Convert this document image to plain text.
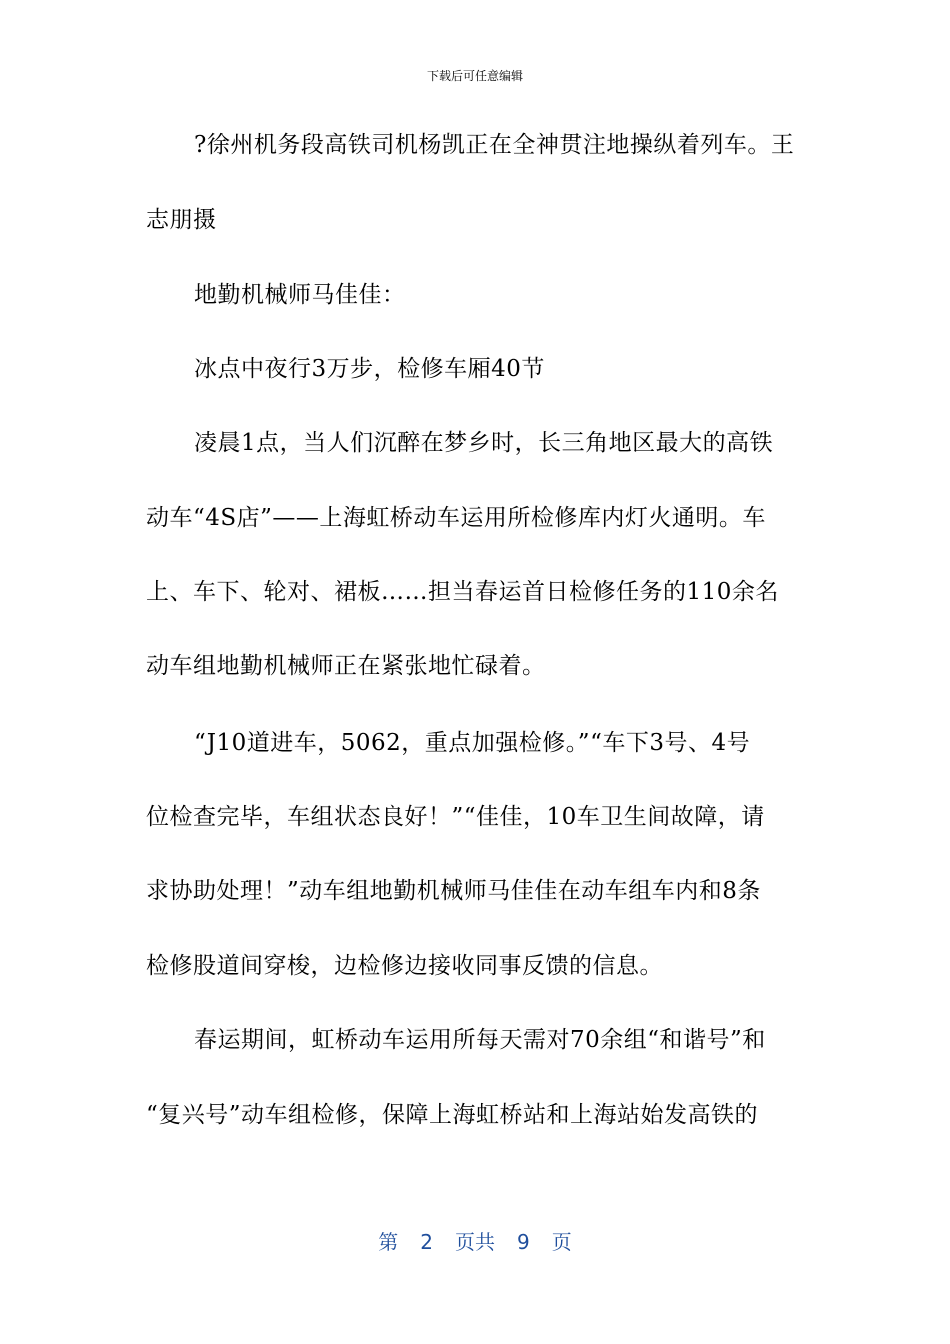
下载后可任意编辑
?徐州机务段高铁司机杨凯正在全神贯注地操纵着列车。王
志朋摄
地勤机械师马佳佳：
冰点中夜行3万步，检修车厢40节
凌晨1点，当人们沉醉在梦乡时，长三角地区最大的高铁
动车“4S店”——上海虹桥动车运用所检修库内灯火通明。车
上、车下、轮对、裙板……担当春运首日检修任务的110余名
动车组地勤机械师正在紧张地忙碌着。
“J10道进车，5062，重点加强检修。”“车下3号、4号
位检查完毕，车组状态良好！”“佳佳，10车卫生间故障，请
求协助处理！”动车组地勤机械师马佳佳在动车组车内和8条
检修股道间穿梭，边检修边接收同事反馈的信息。
春运期间，虹桥动车运用所每天需对70余组“和谐号”和
“复兴号”动车组检修，保障上海虹桥站和上海站始发高铁的
第 2 页共 9 页
